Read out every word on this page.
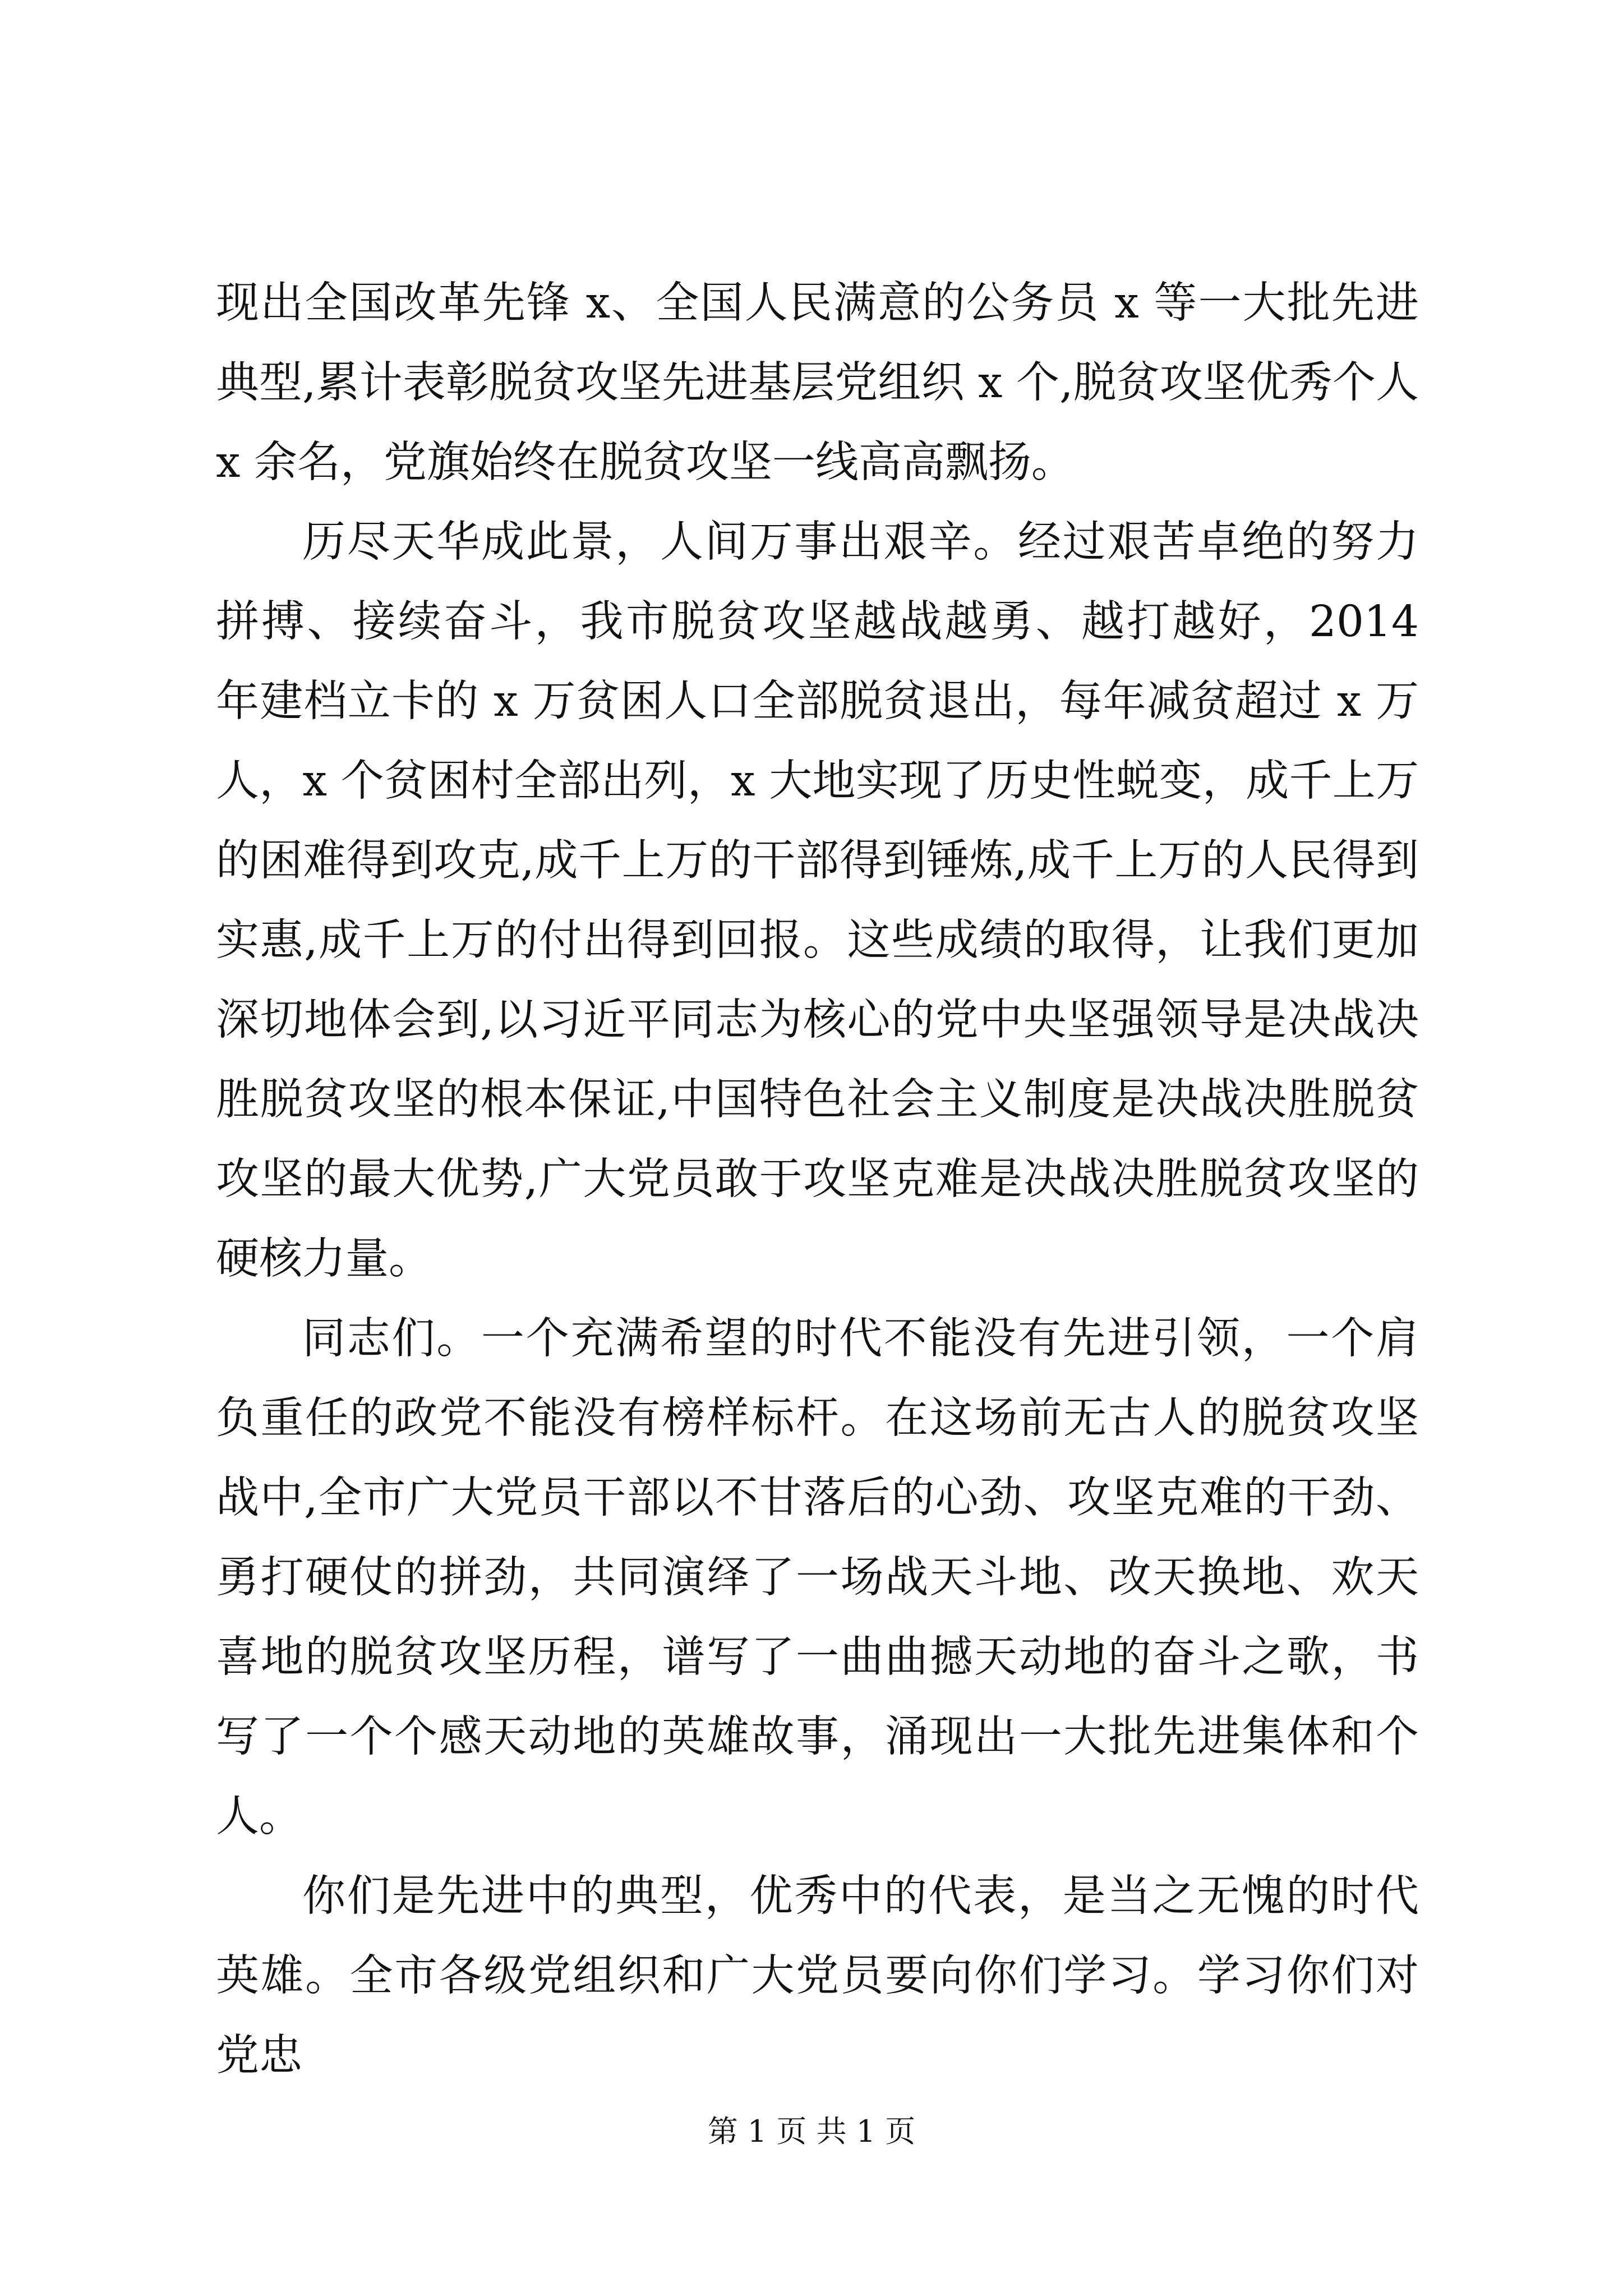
现出全国改革先锋 x、全国人民满意的公务员 x 等一大批先进典型,累计表彰脱贫攻坚先进基层党组织 x 个,脱贫攻坚优秀个人 x 余名，党旗始终在脱贫攻坚一线高高飘扬。

历尽天华成此景，人间万事出艰辛。经过艰苦卓绝的努力拼搏、接续奋斗，我市脱贫攻坚越战越勇、越打越好，2014 年建档立卡的 x 万贫困人口全部脱贫退出，每年减贫超过 x 万人，x 个贫困村全部出列，x 大地实现了历史性蜕变，成千上万的困难得到攻克,成千上万的干部得到锤炼,成千上万的人民得到实惠,成千上万的付出得到回报。这些成绩的取得，让我们更加深切地体会到,以习近平同志为核心的党中央坚强领导是决战决胜脱贫攻坚的根本保证,中国特色社会主义制度是决战决胜脱贫攻坚的最大优势,广大党员敢于攻坚克难是决战决胜脱贫攻坚的硬核力量。

同志们。一个充满希望的时代不能没有先进引领，一个肩负重任的政党不能没有榜样标杆。在这场前无古人的脱贫攻坚战中,全市广大党员干部以不甘落后的心劲、攻坚克难的干劲、勇打硬仗的拼劲，共同演绎了一场战天斗地、改天换地、欢天喜地的脱贫攻坚历程，谱写了一曲曲撼天动地的奋斗之歌，书写了一个个感天动地的英雄故事，涌现出一大批先进集体和个人。

你们是先进中的典型，优秀中的代表，是当之无愧的时代英雄。全市各级党组织和广大党员要向你们学习。学习你们对党忠

第 1 页 共 1 页
